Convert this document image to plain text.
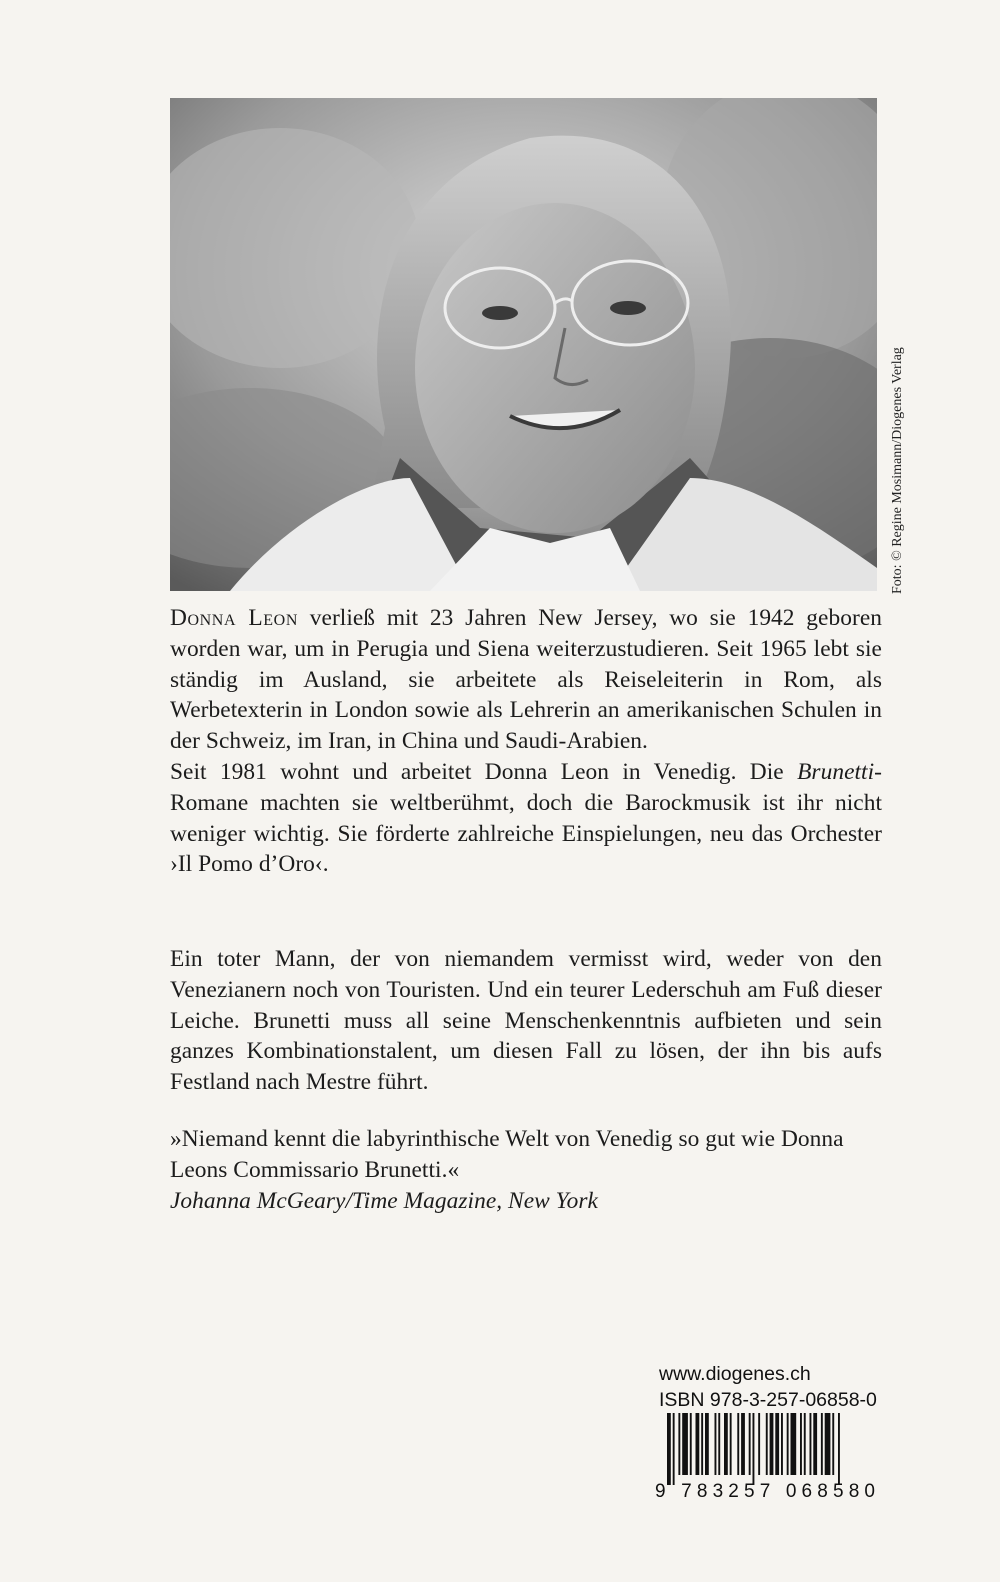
Foto: © Regine Mosimann/Diogenes Verlag

Donna Leon verließ mit 23 Jahren New Jersey, wo sie 1942 geboren worden war, um in Perugia und Siena weiterzustudieren. Seit 1965 lebt sie ständig im Ausland, sie arbeitete als Reiseleiterin in Rom, als Werbetexterin in London sowie als Lehrerin an amerikanischen Schulen in der Schweiz, im Iran, in China und Saudi-Arabien.

Seit 1981 wohnt und arbeitet Donna Leon in Venedig. Die Brunetti-Romane machten sie weltberühmt, doch die Barockmusik ist ihr nicht weniger wichtig. Sie förderte zahlreiche Einspielungen, neu das Orchester ›Il Pomo d’Oro‹.

Ein toter Mann, der von niemandem vermisst wird, weder von den Venezianern noch von Touristen. Und ein teurer Lederschuh am Fuß dieser Leiche. Brunetti muss all seine Menschenkenntnis aufbieten und sein ganzes Kombinationstalent, um diesen Fall zu lösen, der ihn bis aufs Festland nach Mestre führt.

»Niemand kennt die labyrinthische Welt von Venedig so gut wie Donna Leons Commissario Brunetti.«

Johanna McGeary/Time Magazine, New York

www.diogenes.ch
ISBN 978-3-257-06858-0
9 783257 068580
